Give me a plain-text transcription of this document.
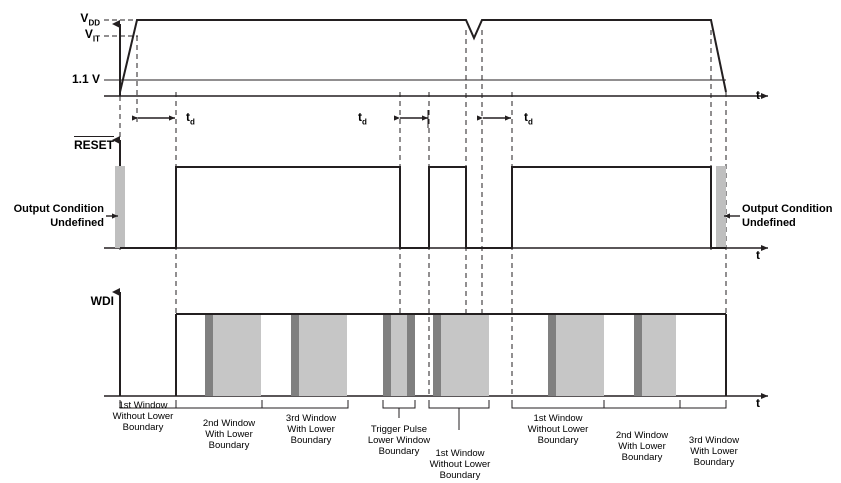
$V_{DD}$
$V_{IT}$
1.1 V
t
t
t
RESET
WDI
$t_d$	$t_d$	$t_d$
Output Condition
Undefined
Output Condition
Undefined
1st Window
Without Lower
Boundary	2nd Window
With Lower
Boundary
3rd Window
With Lower
Boundary
Trigger Pulse
Lower Window
Boundary	1st Window
Without Lower
Boundary
1st Window
Without Lower
Boundary	2nd Window
With Lower
Boundary
3rd Window
With Lower
Boundary
